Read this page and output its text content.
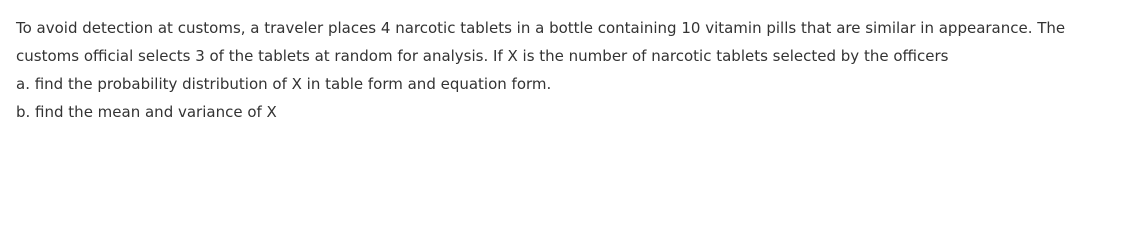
To avoid detection at customs, a traveler places 4 narcotic tablets in a bottle containing 10 vitamin pills that are similar in appearance. The customs official selects 3 of the tablets at random for analysis. If X is the number of narcotic tablets selected by the officers

a. find the probability distribution of X in table form and equation form.

b. find the mean and variance of X
